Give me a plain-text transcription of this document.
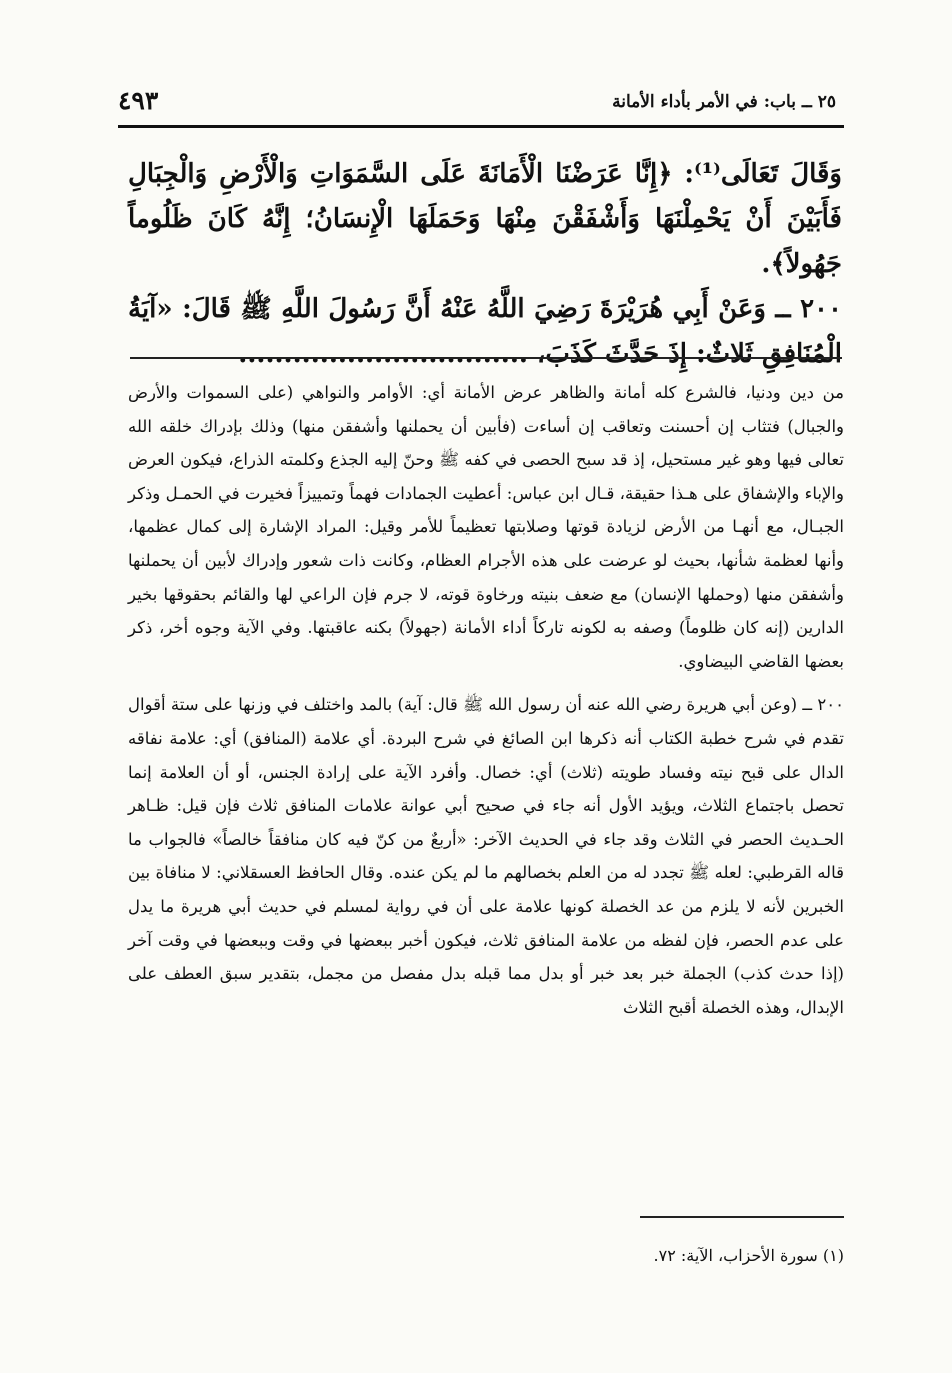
٢٥ ــ باب: في الأمر بأداء الأمانة
٤٩٣

وَقَالَ تَعَالَى⁽¹⁾: ﴿إِنَّا عَرَضْنَا الْأَمَانَةَ عَلَى السَّمَوَاتِ وَالْأَرْضِ وَالْجِبَالِ فَأَبَيْنَ أَنْ يَحْمِلْنَهَا وَأَشْفَقْنَ مِنْهَا وَحَمَلَهَا الْإِنسَانُ؛ إِنَّهُ كَانَ ظَلُوماً جَهُولاً﴾.

٢٠٠ ــ وَعَنْ أَبِي هُرَيْرَةَ رَضِيَ اللَّهُ عَنْهُ أَنَّ رَسُولَ اللَّهِ ﷺ قَالَ: «آيَةُ الْمُنَافِقِ ثَلاثٌ: إِذَ حَدَّثَ كَذَبَ، ................................

من دين ودنيا، فالشرع كله أمانة والظاهر عرض الأمانة أي: الأوامر والنواهي (على السموات والأرض والجبال) فتثاب إن أحسنت وتعاقب إن أساءت (فأبين أن يحملنها وأشفقن منها) وذلك بإدراك خلقه الله تعالى فيها وهو غير مستحيل، إذ قد سبح الحصى في كفه ﷺ وحنّ إليه الجذع وكلمته الذراع، فيكون العرض والإباء والإشفاق على هـذا حقيقة، قـال ابن عباس: أعطيت الجمادات فهماً وتمييزاً فخيرت في الحمـل وذكر الجبـال، مع أنهـا من الأرض لزيادة قوتها وصلابتها تعظيماً للأمر وقيل: المراد الإشارة إلى كمال عظمها، وأنها لعظمة شأنها، بحيث لو عرضت على هذه الأجرام العظام، وكانت ذات شعور وإدراك لأبين أن يحملنها وأشفقن منها (وحملها الإنسان) مع ضعف بنيته ورخاوة قوته، لا جرم فإن الراعي لها والقائم بحقوقها بخير الدارين (إنه كان ظلوماً) وصفه به لكونه تاركاً أداء الأمانة (جهولاً) بكنه عاقبتها. وفي الآية وجوه أخر، ذكر بعضها القاضي البيضاوي.

٢٠٠ ــ (وعن أبي هريرة رضي الله عنه أن رسول الله ﷺ قال: آية) بالمد واختلف في وزنها على ستة أقوال تقدم في شرح خطبة الكتاب أنه ذكرها ابن الصائغ في شرح البردة. أي علامة (المنافق) أي: علامة نفاقه الدال على قبح نيته وفساد طويته (ثلاث) أي: خصال. وأفرد الآية على إرادة الجنس، أو أن العلامة إنما تحصل باجتماع الثلاث، ويؤيد الأول أنه جاء في صحيح أبي عوانة علامات المنافق ثلاث فإن قيل: ظـاهر الحـديث الحصر في الثلاث وقد جاء في الحديث الآخر: «أربعٌ من كنّ فيه كان منافقاً خالصاً» فالجواب ما قاله القرطبي: لعله ﷺ تجدد له من العلم بخصالهم ما لم يكن عنده. وقال الحافظ العسقلاني: لا منافاة بين الخبرين لأنه لا يلزم من عد الخصلة كونها علامة على أن في رواية لمسلم في حديث أبي هريرة ما يدل على عدم الحصر، فإن لفظه من علامة المنافق ثلاث، فيكون أخبر ببعضها في وقت وببعضها في وقت آخر (إذا حدث كذب) الجملة خبر بعد خبر أو بدل مما قبله بدل مفصل من مجمل، بتقدير سبق العطف على الإبدال، وهذه الخصلة أقبح الثلاث

(١) سورة الأحزاب، الآية: ٧٢.
